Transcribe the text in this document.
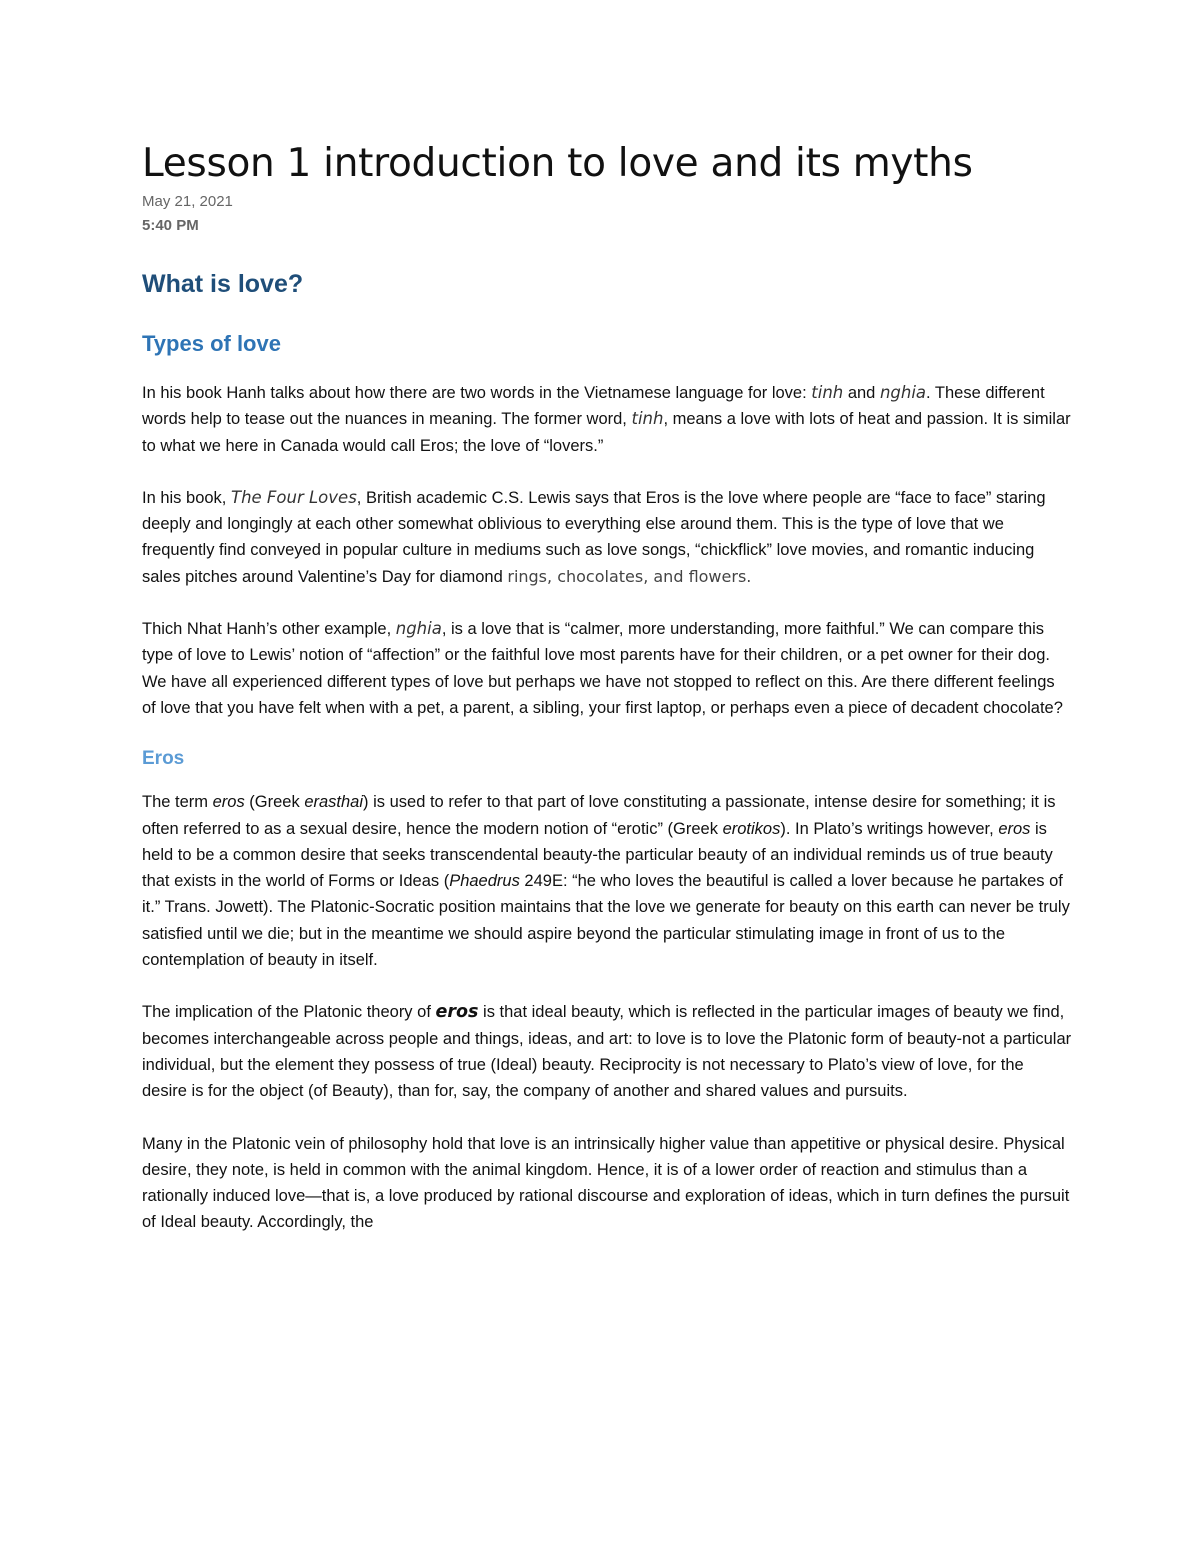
Lesson 1 introduction to love and its myths
May 21, 2021
5:40 PM
What is love?
Types of love

In his book Hanh talks about how there are two words in the Vietnamese language for love: tinh and nghia. These different words help to tease out the nuances in meaning. The former word, tinh, means a love with lots of heat and passion. It is similar to what we here in Canada would call Eros; the love of “lovers.”

In his book, The Four Loves, British academic C.S. Lewis says that Eros is the love where people are “face to face” staring deeply and longingly at each other somewhat oblivious to everything else around them. This is the type of love that we frequently find conveyed in popular culture in mediums such as love songs, “chickflick” love movies, and romantic inducing sales pitches around Valentine’s Day for diamond rings, chocolates, and flowers.

Thich Nhat Hanh’s other example, nghia, is a love that is “calmer, more understanding, more faithful.” We can compare this type of love to Lewis’ notion of “affection” or the faithful love most parents have for their children, or a pet owner for their dog. We have all experienced different types of love but perhaps we have not stopped to reflect on this. Are there different feelings of love that you have felt when with a pet, a parent, a sibling, your first laptop, or perhaps even a piece of decadent chocolate?

Eros

The term eros (Greek erasthai) is used to refer to that part of love constituting a passionate, intense desire for something; it is often referred to as a sexual desire, hence the modern notion of “erotic” (Greek erotikos). In Plato’s writings however, eros is held to be a common desire that seeks transcendental beauty-the particular beauty of an individual reminds us of true beauty that exists in the world of Forms or Ideas (Phaedrus 249E: “he who loves the beautiful is called a lover because he partakes of it.” Trans. Jowett). The Platonic-Socratic position maintains that the love we generate for beauty on this earth can never be truly satisfied until we die; but in the meantime we should aspire beyond the particular stimulating image in front of us to the contemplation of beauty in itself.

The implication of the Platonic theory of eros is that ideal beauty, which is reflected in the particular images of beauty we find, becomes interchangeable across people and things, ideas, and art: to love is to love the Platonic form of beauty-not a particular individual, but the element they possess of true (Ideal) beauty. Reciprocity is not necessary to Plato’s view of love, for the desire is for the object (of Beauty), than for, say, the company of another and shared values and pursuits.

Many in the Platonic vein of philosophy hold that love is an intrinsically higher value than appetitive or physical desire. Physical desire, they note, is held in common with the animal kingdom. Hence, it is of a lower order of reaction and stimulus than a rationally induced love—that is, a love produced by rational discourse and exploration of ideas, which in turn defines the pursuit of Ideal beauty. Accordingly, the
